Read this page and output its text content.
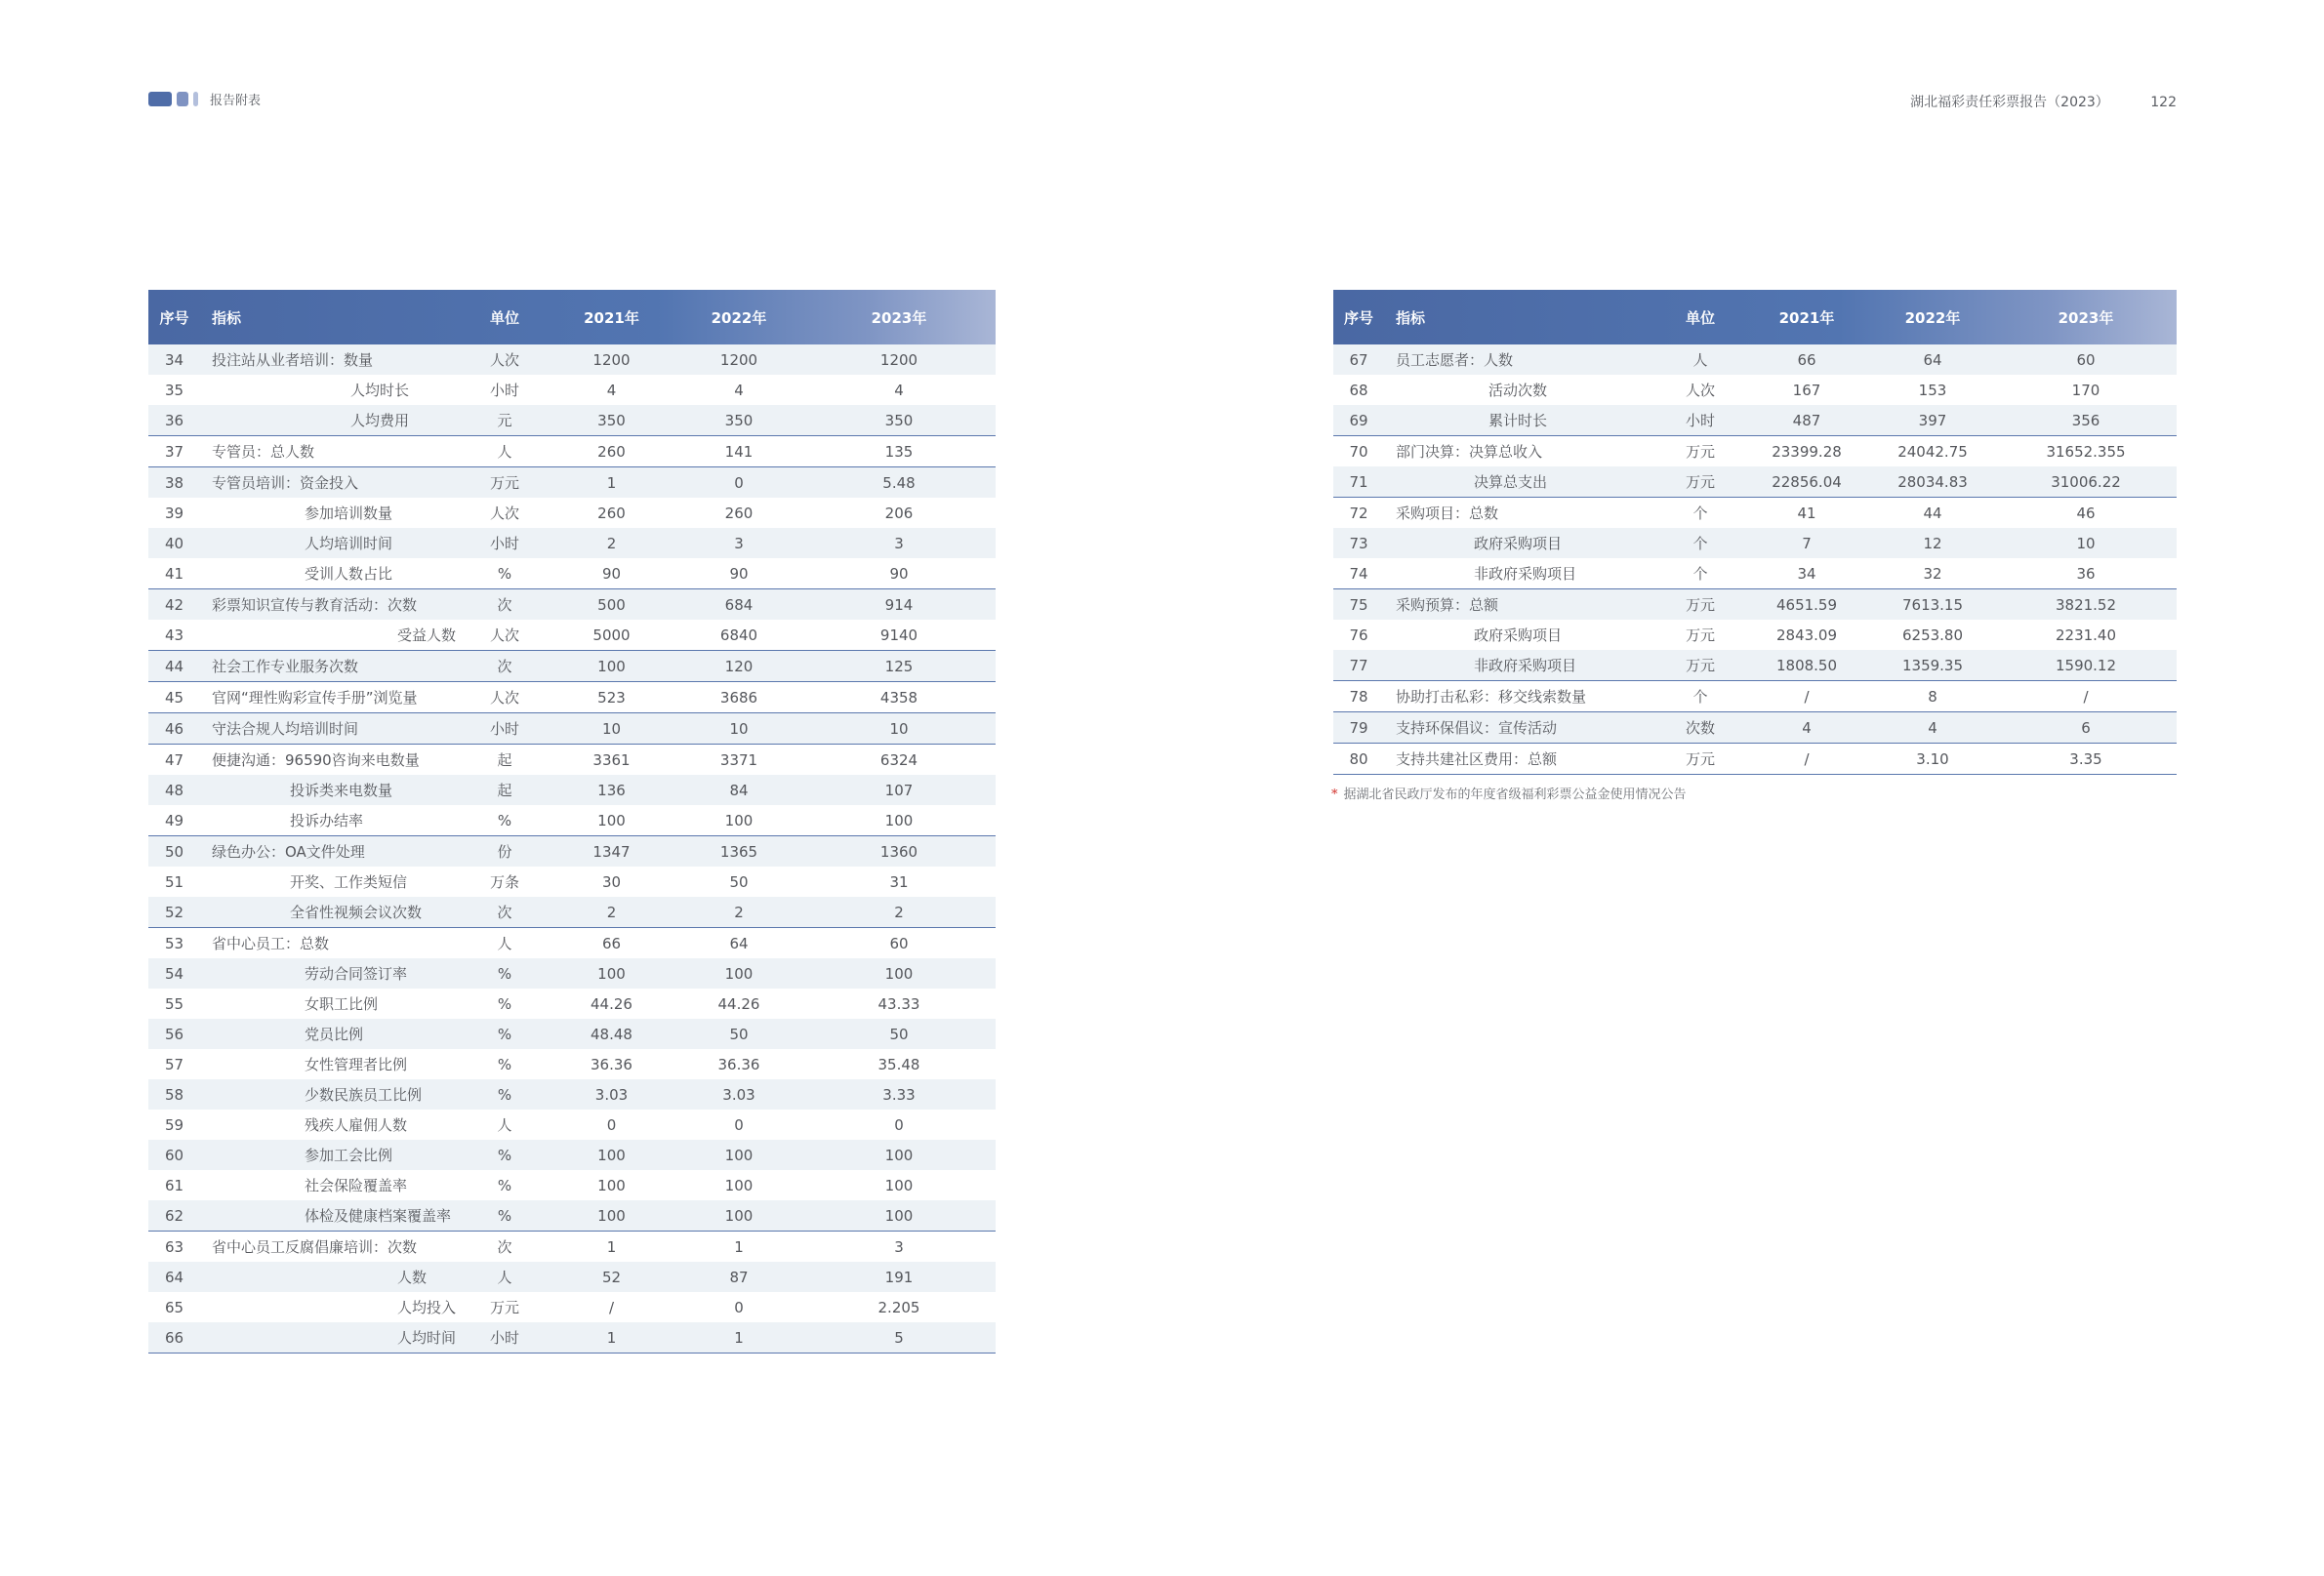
报告附表	湖北福彩责任彩票报告（2023）	122
序号	指标	单位	2021年	2022年	2023年
34	投注站从业者培训：数量	人次	1200	1200	1200
35	人均时长	小时	4	4	4
36	人均费用	元	350	350	350
37	专管员：总人数	人	260	141	135
38	专管员培训：资金投入	万元	1	0	5.48
39	参加培训数量	人次	260	260	206
40	人均培训时间	小时	2	3	3
41	受训人数占比	%	90	90	90
42	彩票知识宣传与教育活动：次数	次	500	684	914
43	受益人数	人次	5000	6840	9140
44	社会工作专业服务次数	次	100	120	125
45	官网“理性购彩宣传手册”浏览量	人次	523	3686	4358
46	守法合规人均培训时间	小时	10	10	10
47	便捷沟通：96590咨询来电数量	起	3361	3371	6324
48	投诉类来电数量	起	136	84	107
49	投诉办结率	%	100	100	100
50	绿色办公：OA文件处理	份	1347	1365	1360
51	开奖、工作类短信	万条	30	50	31
52	全省性视频会议次数	次	2	2	2
53	省中心员工：总数	人	66	64	60
54	劳动合同签订率	%	100	100	100
55	女职工比例	%	44.26	44.26	43.33
56	党员比例	%	48.48	50	50
57	女性管理者比例	%	36.36	36.36	35.48
58	少数民族员工比例	%	3.03	3.03	3.33
59	残疾人雇佣人数	人	0	0	0
60	参加工会比例	%	100	100	100
61	社会保险覆盖率	%	100	100	100
62	体检及健康档案覆盖率	%	100	100	100
63	省中心员工反腐倡廉培训：次数	次	1	1	3
64	人数	人	52	87	191
65	人均投入	万元	/	0	2.205
66	人均时间	小时	1	1	5
序号	指标	单位	2021年	2022年	2023年
67	员工志愿者：人数	人	66	64	60
68	活动次数	人次	167	153	170
69	累计时长	小时	487	397	356
70	部门决算：决算总收入	万元	23399.28	24042.75	31652.355
71	决算总支出	万元	22856.04	28034.83	31006.22
72	采购项目：总数	个	41	44	46
73	政府采购项目	个	7	12	10
74	非政府采购项目	个	34	32	36
75	采购预算：总额	万元	4651.59	7613.15	3821.52
76	政府采购项目	万元	2843.09	6253.80	2231.40
77	非政府采购项目	万元	1808.50	1359.35	1590.12
78	协助打击私彩：移交线索数量	个	/	8	/
79	支持环保倡议：宣传活动	次数	4	4	6
80	支持共建社区费用：总额	万元	/	3.10	3.35
* 据湖北省民政厅发布的年度省级福利彩票公益金使用情况公告
